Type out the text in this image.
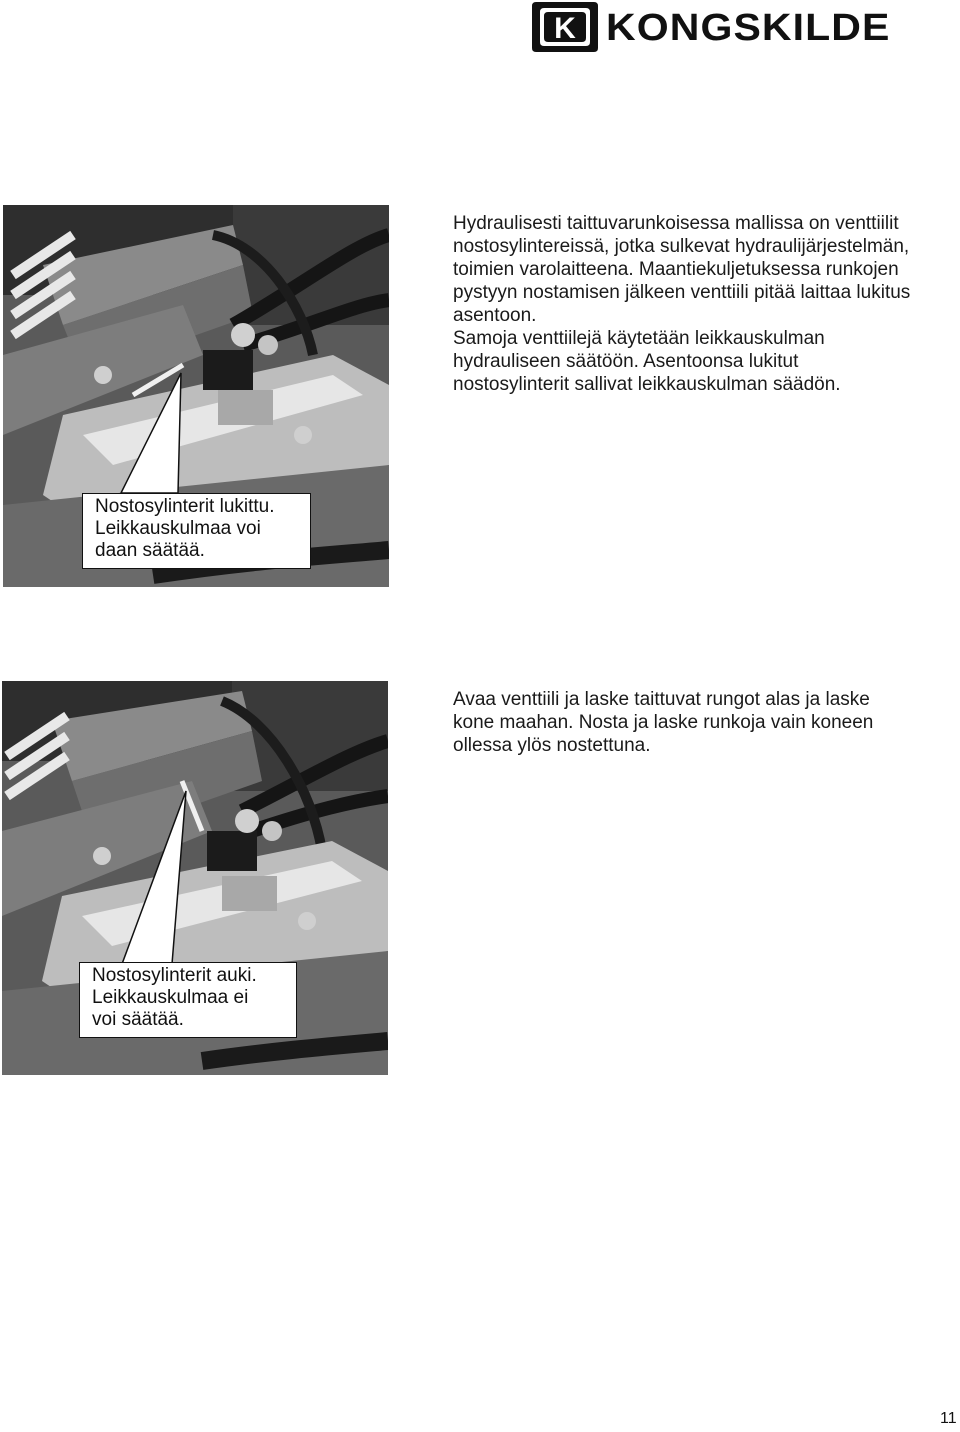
K KONGSKILDE
Nostosylinterit lukittu.
Leikkauskulmaa voi
daan säätää.
Hydraulisesti taittuvarunkoisessa mallissa on venttiilit
nostosylintereissä, jotka sulkevat hydraulijärjestelmän,
toimien varolaitteena. Maantiekuljetuksessa runkojen
pystyyn nostamisen jälkeen venttiili pitää laittaa lukitus
asentoon.
Samoja venttiilejä käytetään leikkauskulman
hydrauliseen säätöön. Asentoonsa lukitut
nostosylinterit sallivat leikkauskulman säädön.
Nostosylinterit auki.
Leikkauskulmaa ei
voi säätää.
Avaa venttiili ja laske taittuvat rungot alas ja laske
kone maahan. Nosta ja laske runkoja vain koneen
ollessa ylös nostettuna.
11
